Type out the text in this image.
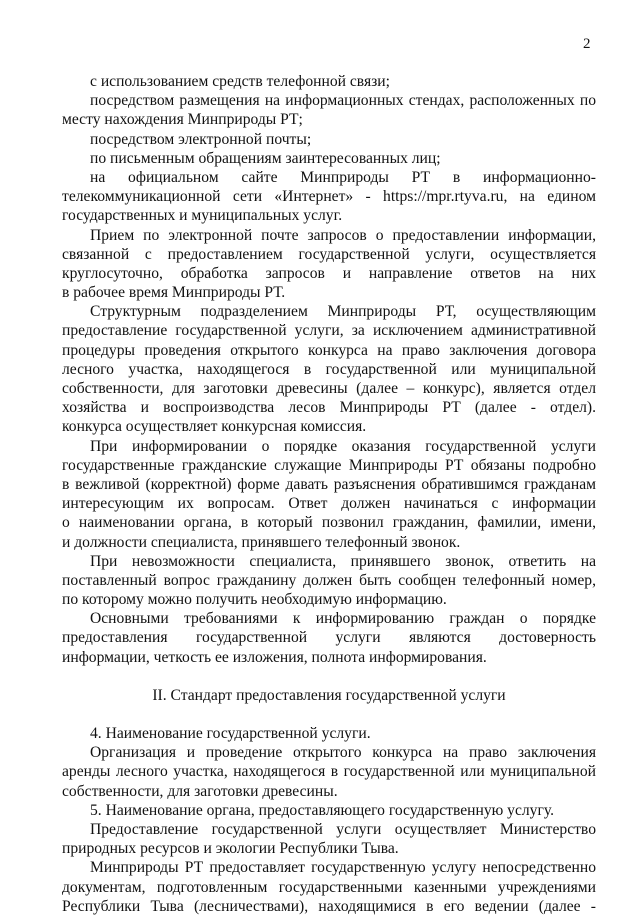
2
с использованием средств телефонной связи;
посредством размещения на информационных стендах, расположенных по
месту нахождения Минприроды РТ;
посредством электронной почты;
по письменным обращениям заинтересованных лиц;
на официальном сайте Минприроды РТ в информационно-
телекоммуникационной сети «Интернет» - https://mpr.rtyva.ru, на едином
государственных и муниципальных услуг.
Прием по электронной почте запросов о предоставлении информации,
связанной с предоставлением государственной услуги, осуществляется
круглосуточно, обработка запросов и направление ответов на них
в рабочее время Минприроды РТ.
Структурным подразделением Минприроды РТ, осуществляющим
предоставление государственной услуги, за исключением административной
процедуры проведения открытого конкурса на право заключения договора
лесного участка, находящегося в государственной или муниципальной
собственности, для заготовки древесины (далее – конкурс), является отдел
хозяйства и воспроизводства лесов Минприроды РТ (далее - отдел).
конкурса осуществляет конкурсная комиссия.
При информировании о порядке оказания государственной услуги
государственные гражданские служащие Минприроды РТ обязаны подробно
в вежливой (корректной) форме давать разъяснения обратившимся гражданам
интересующим их вопросам. Ответ должен начинаться с информации
о наименовании органа, в который позвонил гражданин, фамилии, имени,
и должности специалиста, принявшего телефонный звонок.
При невозможности специалиста, принявшего звонок, ответить на
поставленный вопрос гражданину должен быть сообщен телефонный номер,
по которому можно получить необходимую информацию.
Основными требованиями к информированию граждан о порядке
предоставления государственной услуги являются достоверность
информации, четкость ее изложения, полнота информирования.
II. Стандарт предоставления государственной услуги
4. Наименование государственной услуги.
Организация и проведение открытого конкурса на право заключения
аренды лесного участка, находящегося в государственной или муниципальной
собственности, для заготовки древесины.
5. Наименование органа, предоставляющего государственную услугу.
Предоставление государственной услуги осуществляет Министерство
природных ресурсов и экологии Республики Тыва.
Минприроды РТ предоставляет государственную услугу непосредственно
документам, подготовленным государственными казенными учреждениями
Республики Тыва (лесничествами), находящимися в его ведении (далее -
